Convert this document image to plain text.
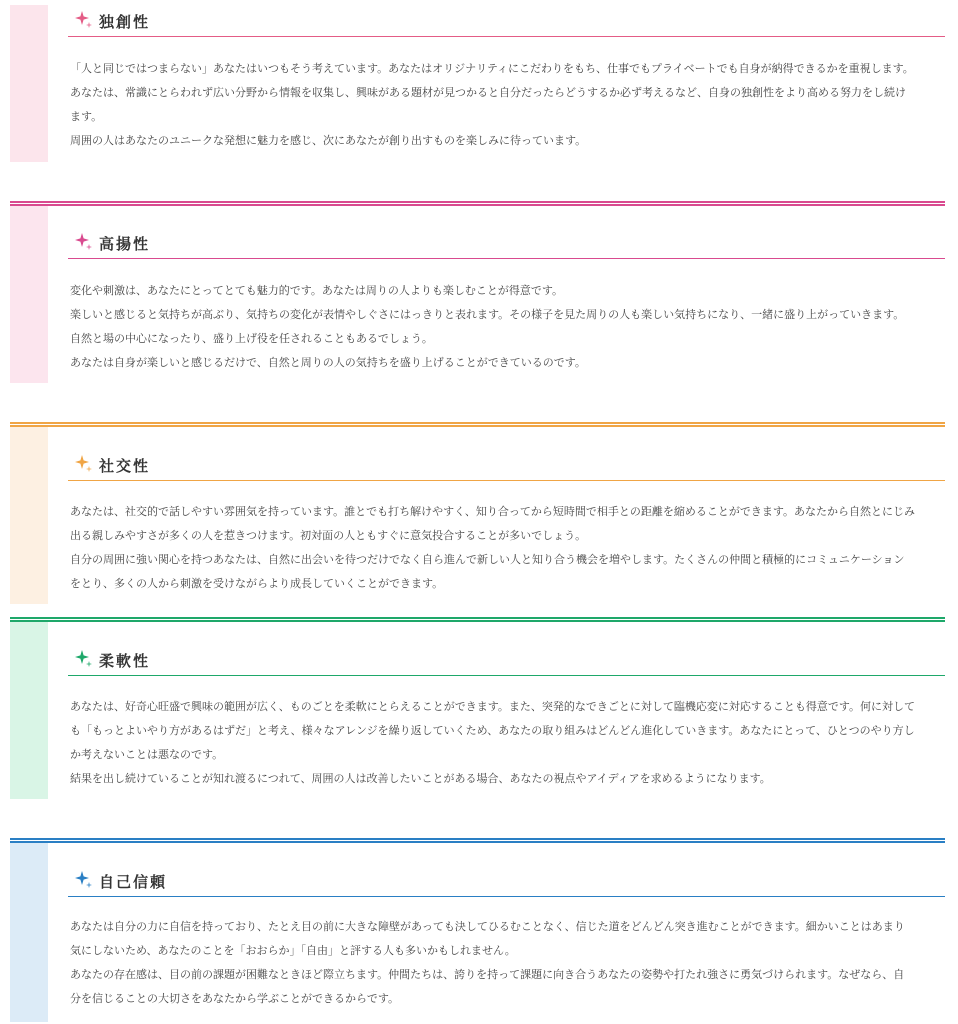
独創性

「人と同じではつまらない」あなたはいつもそう考えています。あなたはオリジナリティにこだわりをもち、仕事でもプライベートでも自身が納得できるかを重視します。あなたは、常識にとらわれず広い分野から情報を収集し、興味がある題材が見つかると自分だったらどうするか必ず考えるなど、自身の独創性をより高める努力をし続けます。

周囲の人はあなたのユニークな発想に魅力を感じ、次にあなたが創り出すものを楽しみに待っています。

高揚性

変化や刺激は、あなたにとってとても魅力的です。あなたは周りの人よりも楽しむことが得意です。

楽しいと感じると気持ちが高ぶり、気持ちの変化が表情やしぐさにはっきりと表れます。その様子を見た周りの人も楽しい気持ちになり、一緒に盛り上がっていきます。自然と場の中心になったり、盛り上げ役を任されることもあるでしょう。

あなたは自身が楽しいと感じるだけで、自然と周りの人の気持ちを盛り上げることができているのです。

社交性

あなたは、社交的で話しやすい雰囲気を持っています。誰とでも打ち解けやすく、知り合ってから短時間で相手との距離を縮めることができます。あなたから自然とにじみ出る親しみやすさが多くの人を惹きつけます。初対面の人ともすぐに意気投合することが多いでしょう。

自分の周囲に強い関心を持つあなたは、自然に出会いを待つだけでなく自ら進んで新しい人と知り合う機会を増やします。たくさんの仲間と積極的にコミュニケーションをとり、多くの人から刺激を受けながらより成長していくことができます。

柔軟性

あなたは、好奇心旺盛で興味の範囲が広く、ものごとを柔軟にとらえることができます。また、突発的なできごとに対して臨機応変に対応することも得意です。何に対しても「もっとよいやり方があるはずだ」と考え、様々なアレンジを繰り返していくため、あなたの取り組みはどんどん進化していきます。あなたにとって、ひとつのやり方しか考えないことは悪なのです。

結果を出し続けていることが知れ渡るにつれて、周囲の人は改善したいことがある場合、あなたの視点やアイディアを求めるようになります。

自己信頼

あなたは自分の力に自信を持っており、たとえ目の前に大きな障壁があっても決してひるむことなく、信じた道をどんどん突き進むことができます。細かいことはあまり気にしないため、あなたのことを「おおらか」「自由」と評する人も多いかもしれません。

あなたの存在感は、目の前の課題が困難なときほど際立ちます。仲間たちは、誇りを持って課題に向き合うあなたの姿勢や打たれ強さに勇気づけられます。なぜなら、自分を信じることの大切さをあなたから学ぶことができるからです。
